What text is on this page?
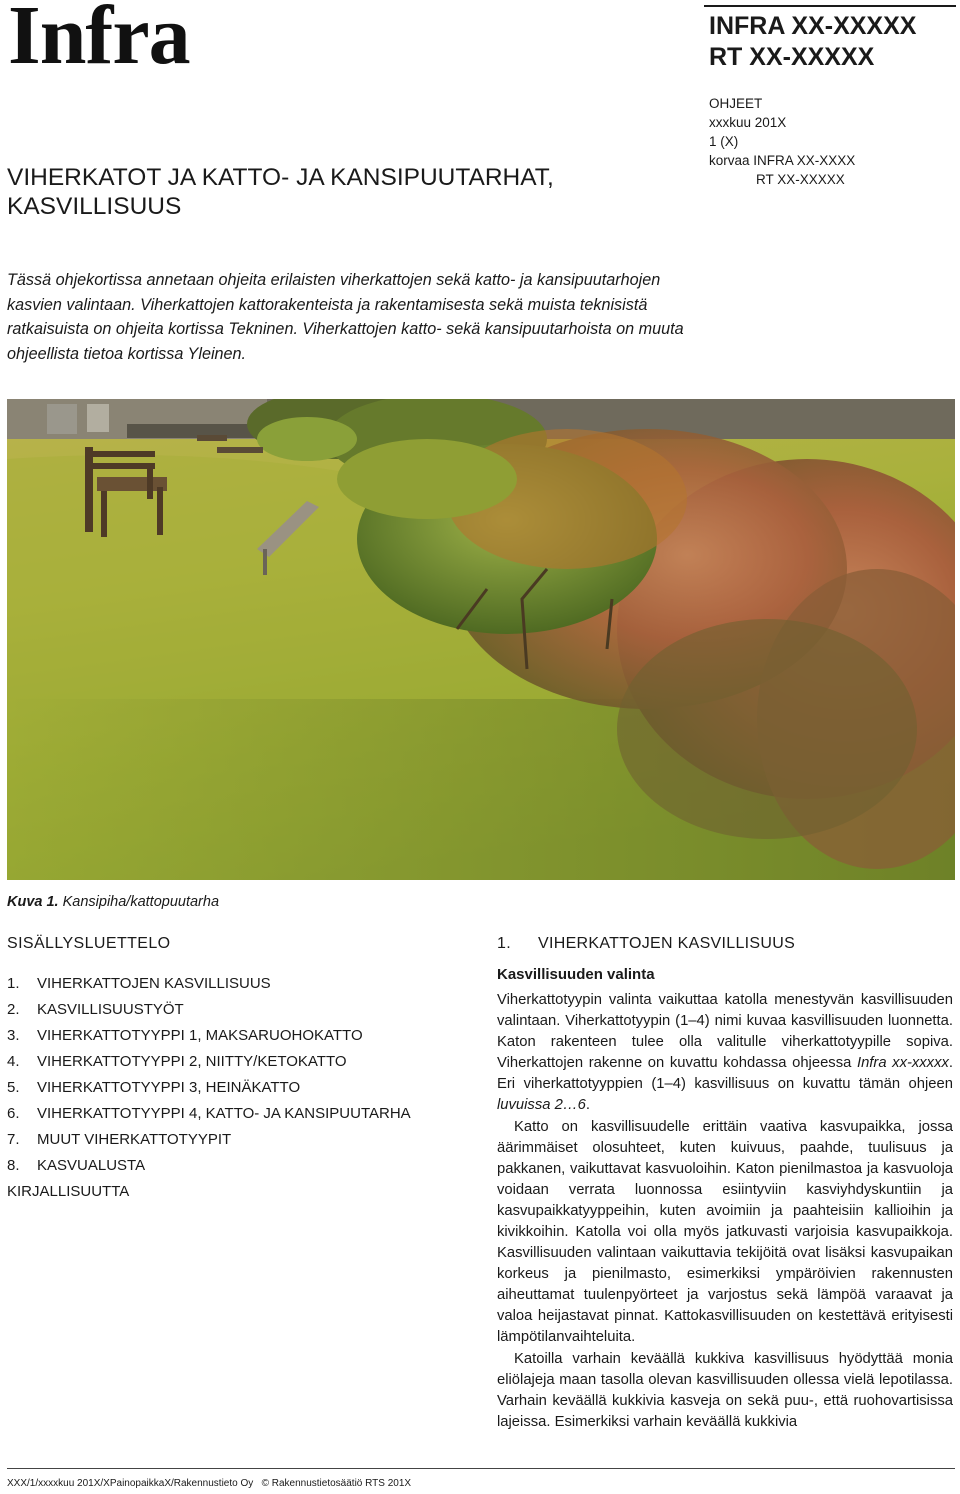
Infra	INFRA XX-XXXXX
RT XX-XXXXX
OHJEET
xxxkuu 201X
1 (X)
korvaa INFRA XX-XXXX
RT XX-XXXXX
VIHERKATOT JA KATTO- JA KANSIPUUTARHAT,
KASVILLISUUS
Tässä ohjekortissa annetaan ohjeita erilaisten viherkattojen sekä katto- ja kansipuutarhojen kasvien valintaan. Viherkattojen kattorakenteista ja rakentamisesta sekä muista teknisistä ratkaisuista on ohjeita kortissa Tekninen. Viherkattojen katto- sekä kansipuutarhoista on muuta ohjeellista tietoa kortissa Yleinen.
Kuva 1. Kansipiha/kattopuutarha
SISÄLLYSLUETTELO
1. VIHERKATTOJEN KASVILLISUUS
2. KASVILLISUUSTYÖT
3. VIHERKATTOTYYPPI 1, MAKSARUOHOKATTO
4. VIHERKATTOTYYPPI 2, NIITTY/KETOKATTO
5. VIHERKATTOTYYPPI 3, HEINÄKATTO
6. VIHERKATTOTYYPPI 4, KATTO- JA KANSIPUUTARHA
7. MUUT VIHERKATTOTYYPIT
8. KASVUALUSTA
KIRJALLISUUTTA
1. VIHERKATTOJEN KASVILLISUUS
Kasvillisuuden valinta

Viherkattotyypin valinta vaikuttaa katolla menestyvän kasvillisuuden valintaan. Viherkattotyypin (1–4) nimi kuvaa kasvillisuuden luonnetta. Katon rakenteen tulee olla valitulle viherkattotyypille sopiva. Viherkattojen rakenne on kuvattu kohdassa ohjeessa Infra xx-xxxxx. Eri viherkattotyyppien (1–4) kasvillisuus on kuvattu tämän ohjeen luvuissa 2…6.

Katto on kasvillisuudelle erittäin vaativa kasvupaikka, jossa äärimmäiset olosuhteet, kuten kuivuus, paahde, tuulisuus ja pakkanen, vaikuttavat kasvuoloihin. Katon pienilmastoa ja kasvuoloja voidaan verrata luonnossa esiintyviin kasviyhdyskuntiin ja kasvupaikkatyyppeihin, kuten avoimiin ja paahteisiin kallioihin ja kivikkoihin. Katolla voi olla myös jatkuvasti varjoisia kasvupaikkoja. Kasvillisuuden valintaan vaikuttavia tekijöitä ovat lisäksi kasvupaikan korkeus ja pienilmasto, esimerkiksi ympäröivien rakennusten aiheuttamat tuulenpyörteet ja varjostus sekä lämpöä varaavat ja valoa heijastavat pinnat. Kattokasvillisuuden on kestettävä erityisesti lämpötilanvaihteluita.

Katoilla varhain keväällä kukkiva kasvillisuus hyödyttää monia eliölajeja maan tasolla olevan kasvillisuuden ollessa vielä lepotilassa. Varhain keväällä kukkivia kasveja on sekä puu-, että ruohovartisissa lajeissa. Esimerkiksi varhain keväällä kukkivia

XXX/1/xxxxkuu 201X/XPainopaikkaX/Rakennustieto Oy © Rakennustietosäätiö RTS 201X
